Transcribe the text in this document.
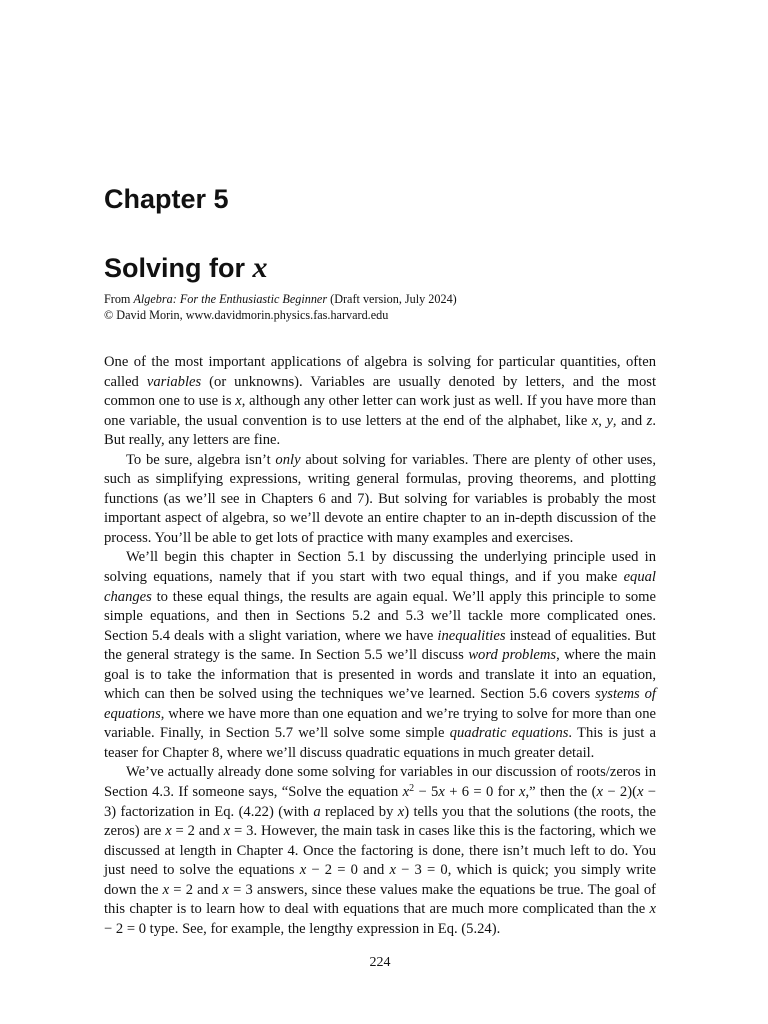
Chapter 5
Solving for x
From Algebra: For the Enthusiastic Beginner (Draft version, July 2024)
© David Morin, www.davidmorin.physics.fas.harvard.edu

One of the most important applications of algebra is solving for particular quantities, often called variables (or unknowns). Variables are usually denoted by letters, and the most common one to use is x, although any other letter can work just as well. If you have more than one variable, the usual convention is to use letters at the end of the alphabet, like x, y, and z. But really, any letters are fine.

To be sure, algebra isn’t only about solving for variables. There are plenty of other uses, such as simplifying expressions, writing general formulas, proving theorems, and plotting functions (as we’ll see in Chapters 6 and 7). But solving for variables is probably the most important aspect of algebra, so we’ll devote an entire chapter to an in-depth discussion of the process. You’ll be able to get lots of practice with many examples and exercises.

We’ll begin this chapter in Section 5.1 by discussing the underlying principle used in solving equations, namely that if you start with two equal things, and if you make equal changes to these equal things, the results are again equal. We’ll apply this principle to some simple equations, and then in Sections 5.2 and 5.3 we’ll tackle more complicated ones. Section 5.4 deals with a slight variation, where we have inequalities instead of equalities. But the general strategy is the same. In Section 5.5 we’ll discuss word problems, where the main goal is to take the information that is presented in words and translate it into an equation, which can then be solved using the techniques we’ve learned. Section 5.6 covers systems of equations, where we have more than one equation and we’re trying to solve for more than one variable. Finally, in Section 5.7 we’ll solve some simple quadratic equations. This is just a teaser for Chapter 8, where we’ll discuss quadratic equations in much greater detail.

We’ve actually already done some solving for variables in our discussion of roots/zeros in Section 4.3. If someone says, “Solve the equation $x^2 - 5x + 6 = 0$ for x,” then the (x − 2)(x − 3) factorization in Eq. (4.22) (with a replaced by x) tells you that the solutions (the roots, the zeros) are x = 2 and x = 3. However, the main task in cases like this is the factoring, which we discussed at length in Chapter 4. Once the factoring is done, there isn’t much left to do. You just need to solve the equations x − 2 = 0 and x − 3 = 0, which is quick; you simply write down the x = 2 and x = 3 answers, since these values make the equations be true. The goal of this chapter is to learn how to deal with equations that are much more complicated than the x − 2 = 0 type. See, for example, the lengthy expression in Eq. (5.24).

224
